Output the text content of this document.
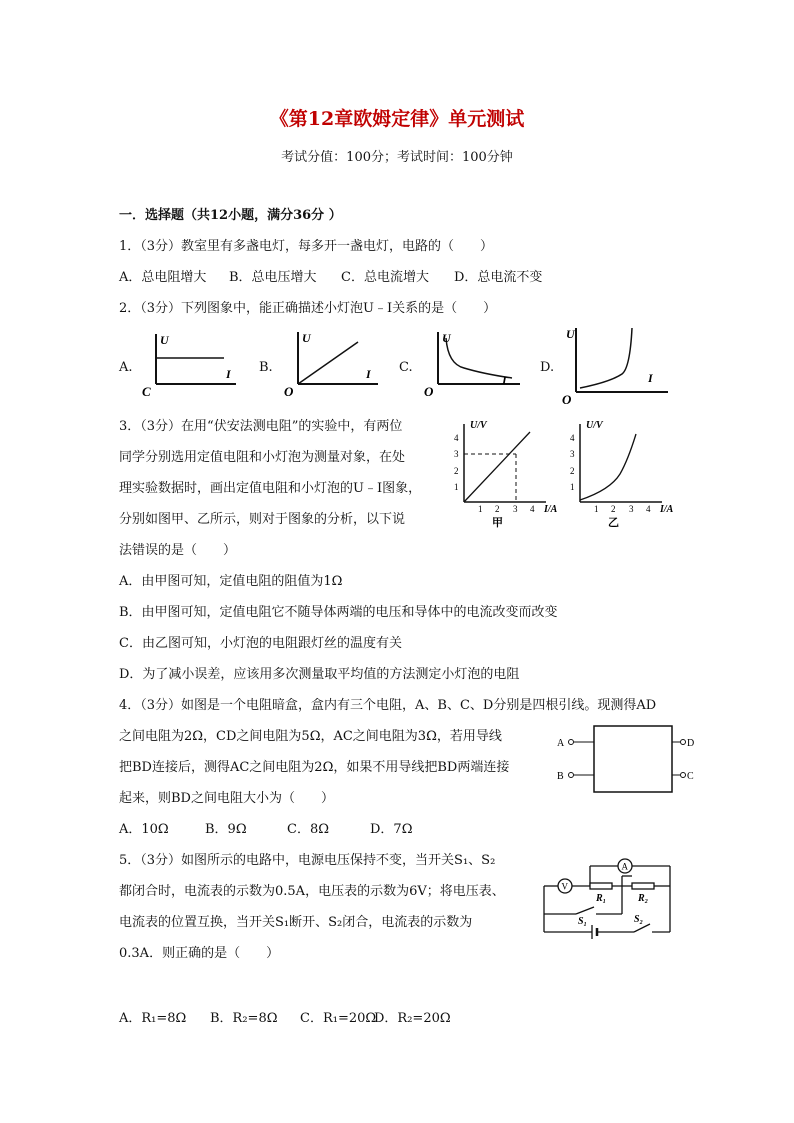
《第12章欧姆定律》单元测试
考试分值：100分；考试时间：100分钟
一．选择题（共12小题，满分36分 ）
1．（3分）教室里有多盏电灯，每多开一盏电灯，电路的（　　）
A．总电阻增大 B．总电压增大 C．总电流增大 D．总电流不变
2．（3分）下列图象中，能正确描述小灯泡U﹣I关系的是（　　）
A.
U
I
C
B.
U
I
O
C.
U
I
O
D.
U
I
O
3．（3分）在用“伏安法测电阻”的实验中，有两位
同学分别选用定值电阻和小灯泡为测量对象，在处
理实验数据时，画出定值电阻和小灯泡的U﹣I图象，
分别如图甲、乙所示，则对于图象的分析，以下说
法错误的是（　　）
U/V
I/A
1
2
3
4
1 2 3 4
甲
U/V
I/A
1
2
3
4
1 2 3 4
乙
A．由甲图可知，定值电阻的阻值为1Ω
B．由甲图可知，定值电阻它不随导体两端的电压和导体中的电流改变而改变
C．由乙图可知，小灯泡的电阻跟灯丝的温度有关
D．为了减小误差，应该用多次测量取平均值的方法测定小灯泡的电阻
4．（3分）如图是一个电阻暗盒，盒内有三个电阻，A、B、C、D分别是四根引线。现测得AD
之间电阻为2Ω，CD之间电阻为5Ω，AC之间电阻为3Ω，若用导线
把BD连接后，测得AC之间电阻为2Ω，如果不用导线把BD两端连接
起来，则BD之间电阻大小为（　　）
A
B
D
C
A．10Ω	B．9Ω	C．8Ω	D．7Ω
5．（3分）如图所示的电路中，电源电压保持不变，当开关S₁、S₂
都闭合时，电流表的示数为0.5A，电压表的示数为6V；将电压表、
电流表的位置互换，当开关S₁断开、S₂闭合，电流表的示数为
0.3A．则正确的是（　　）
A
V
R₁	R₂
S₁	S₂
A．R₁=8Ω B．R₂=8Ω C．R₁=20Ω
D．R₂=20Ω
